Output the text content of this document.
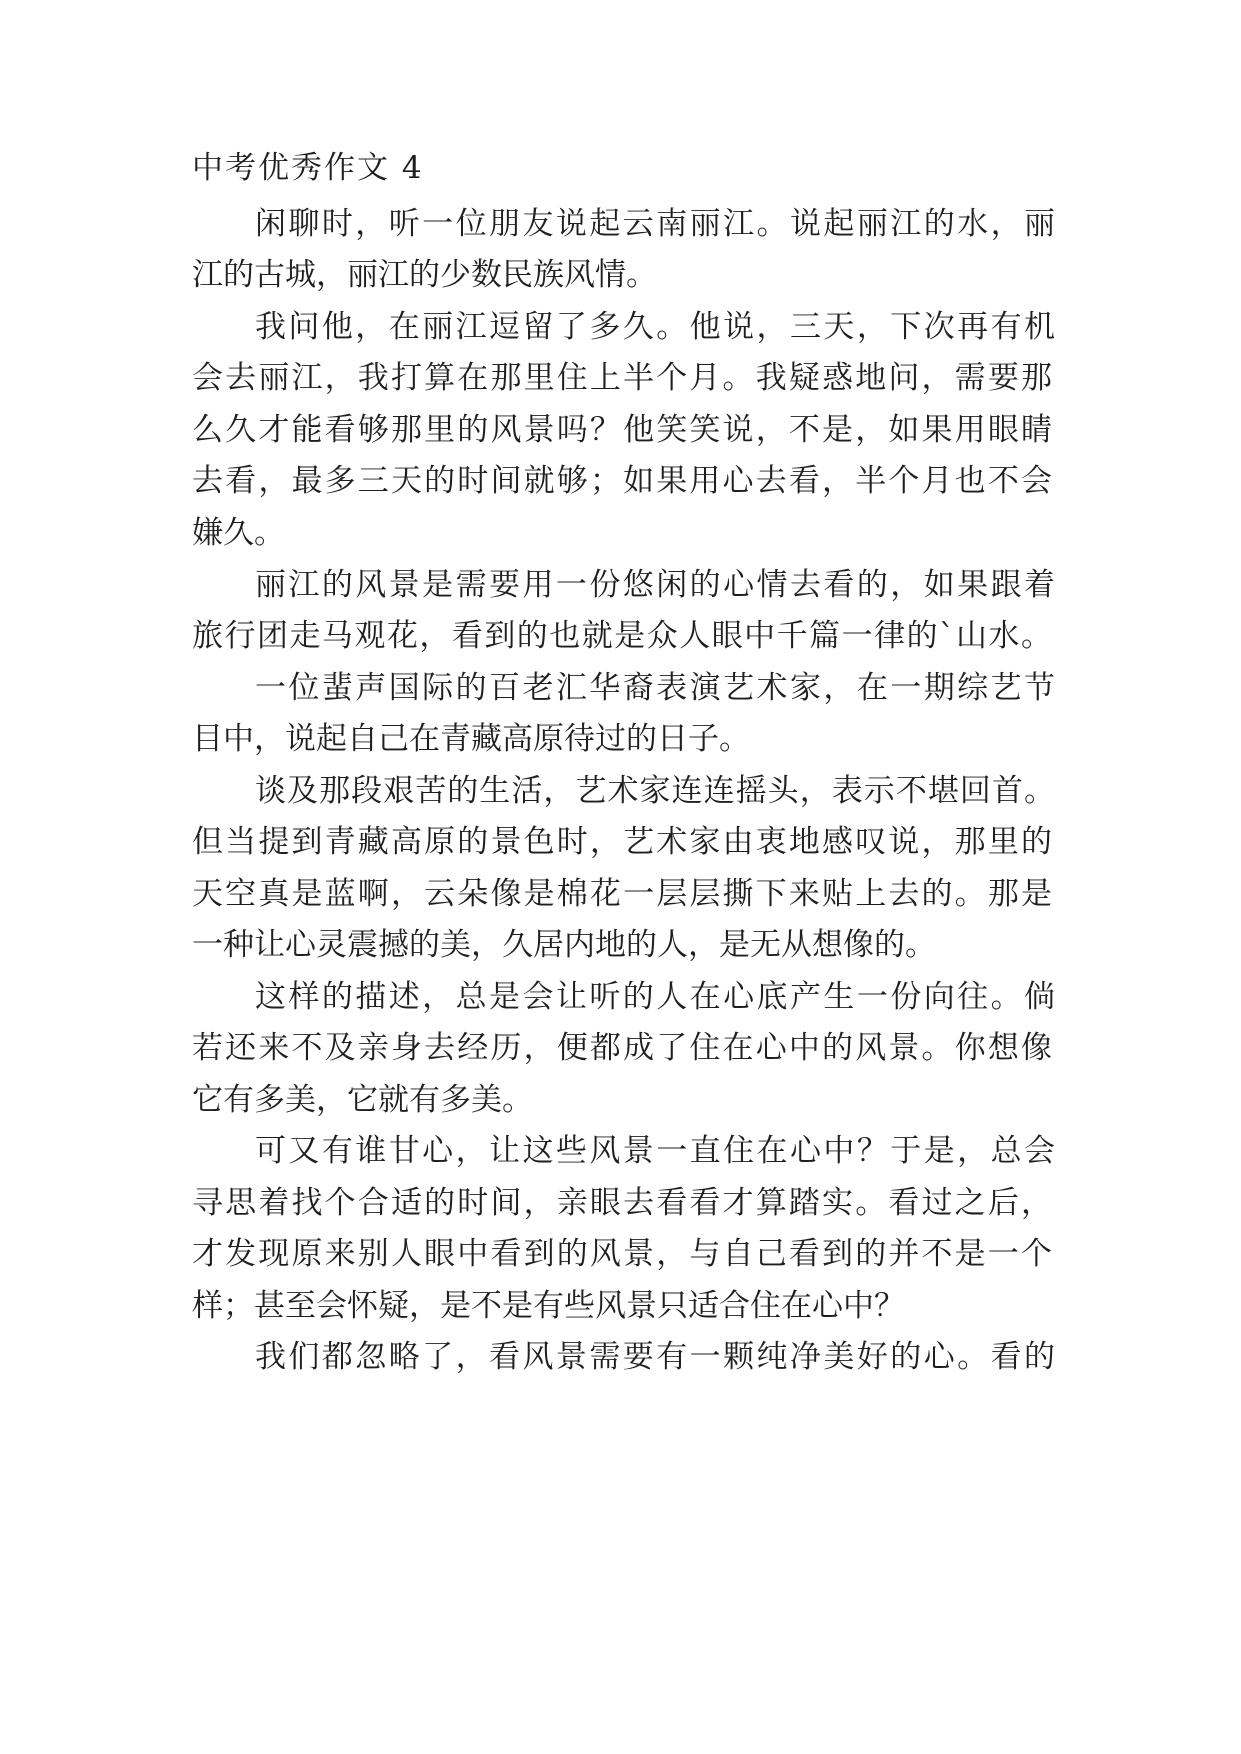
中考优秀作文 4
闲聊时，听一位朋友说起云南丽江。说起丽江的水，丽
江的古城，丽江的少数民族风情。
我问他，在丽江逗留了多久。他说，三天，下次再有机
会去丽江，我打算在那里住上半个月。我疑惑地问，需要那
么久才能看够那里的风景吗？他笑笑说，不是，如果用眼睛
去看，最多三天的时间就够；如果用心去看，半个月也不会
嫌久。
丽江的风景是需要用一份悠闲的心情去看的，如果跟着
旅行团走马观花，看到的也就是众人眼中千篇一律的`山水。
一位蜚声国际的百老汇华裔表演艺术家，在一期综艺节
目中，说起自己在青藏高原待过的日子。
谈及那段艰苦的生活，艺术家连连摇头，表示不堪回首。
但当提到青藏高原的景色时，艺术家由衷地感叹说，那里的
天空真是蓝啊，云朵像是棉花一层层撕下来贴上去的。那是
一种让心灵震撼的美，久居内地的人，是无从想像的。
这样的描述，总是会让听的人在心底产生一份向往。倘
若还来不及亲身去经历，便都成了住在心中的风景。你想像
它有多美，它就有多美。
可又有谁甘心，让这些风景一直住在心中？于是，总会
寻思着找个合适的时间，亲眼去看看才算踏实。看过之后，
才发现原来别人眼中看到的风景，与自己看到的并不是一个
样；甚至会怀疑，是不是有些风景只适合住在心中？
我们都忽略了，看风景需要有一颗纯净美好的心。看的
